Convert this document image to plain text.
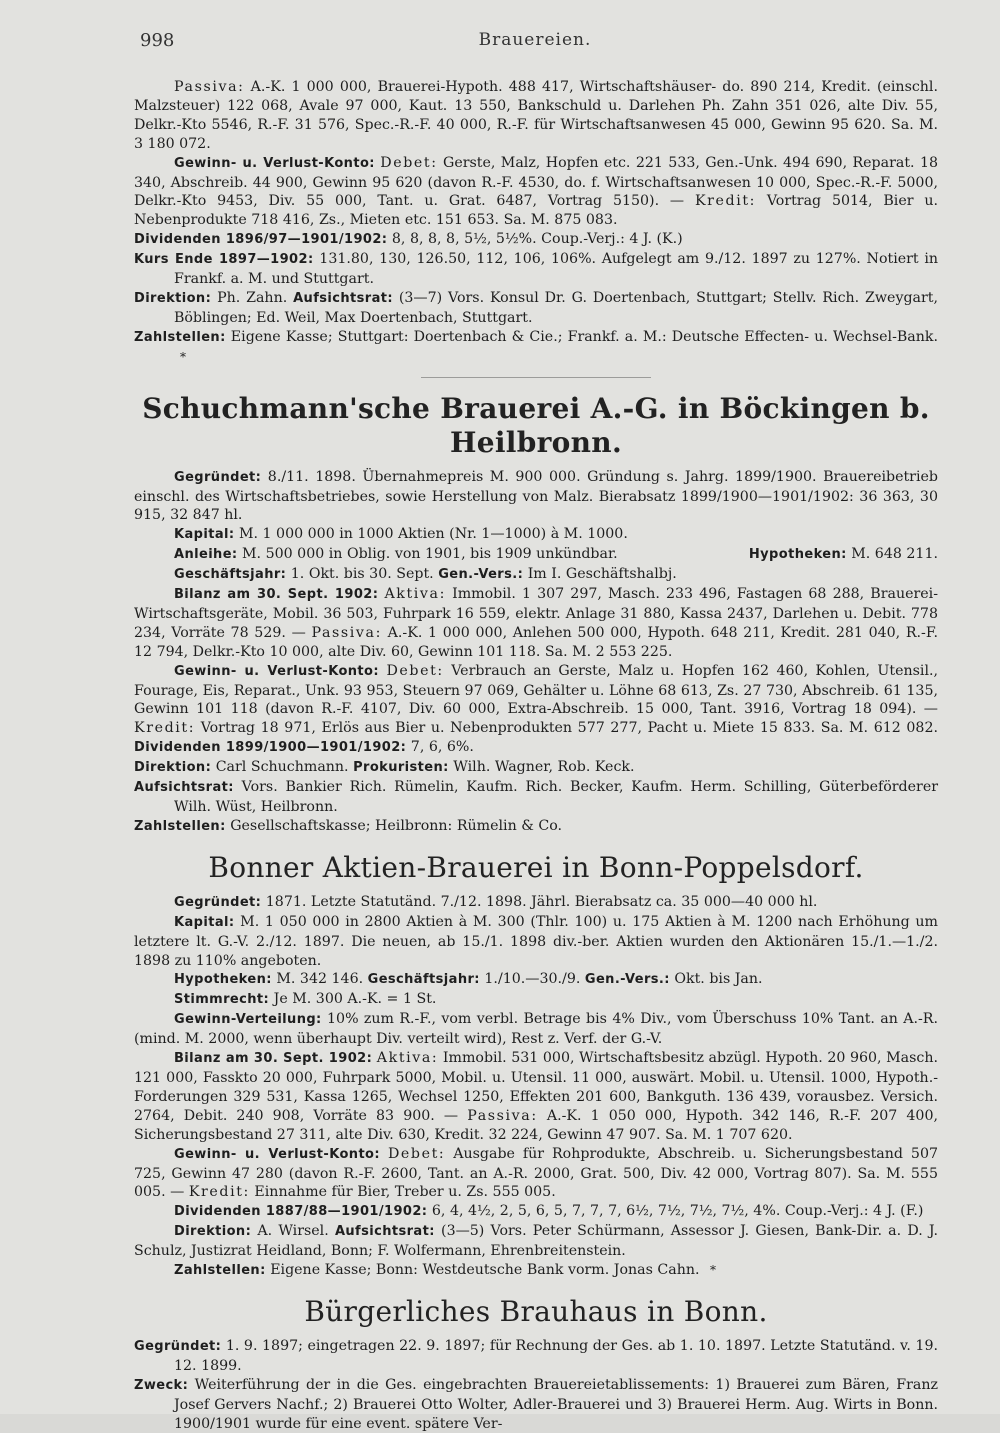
998	Brauereien.

Passiva: A.-K. 1 000 000, Brauerei-Hypoth. 488 417, Wirtschaftshäuser- do. 890 214, Kredit. (einschl. Malzsteuer) 122 068, Avale 97 000, Kaut. 13 550, Bankschuld u. Darlehen Ph. Zahn 351 026, alte Div. 55, Delkr.-Kto 5546, R.-F. 31 576, Spec.-R.-F. 40 000, R.-F. für Wirtschaftsanwesen 45 000, Gewinn 95 620. Sa. M. 3 180 072.

Gewinn- u. Verlust-Konto: Debet: Gerste, Malz, Hopfen etc. 221 533, Gen.-Unk. 494 690, Reparat. 18 340, Abschreib. 44 900, Gewinn 95 620 (davon R.-F. 4530, do. f. Wirtschaftsanwesen 10 000, Spec.-R.-F. 5000, Delkr.-Kto 9453, Div. 55 000, Tant. u. Grat. 6487, Vortrag 5150). — Kredit: Vortrag 5014, Bier u. Nebenprodukte 718 416, Zs., Mieten etc. 151 653. Sa. M. 875 083.

Dividenden 1896/97—1901/1902: 8, 8, 8, 8, 5½, 5½%. Coup.-Verj.: 4 J. (K.)

Kurs Ende 1897—1902: 131.80, 130, 126.50, 112, 106, 106%. Aufgelegt am 9./12. 1897 zu 127%. Notiert in Frankf. a. M. und Stuttgart.

Direktion: Ph. Zahn. Aufsichtsrat: (3—7) Vors. Konsul Dr. G. Doertenbach, Stuttgart; Stellv. Rich. Zweygart, Böblingen; Ed. Weil, Max Doertenbach, Stuttgart.

Zahlstellen: Eigene Kasse; Stuttgart: Doertenbach & Cie.; Frankf. a. M.: Deutsche Effecten- u. Wechsel-Bank. *

Schuchmann'sche Brauerei A.-G. in Böckingen b. Heilbronn.

Gegründet: 8./11. 1898. Übernahmepreis M. 900 000. Gründung s. Jahrg. 1899/1900. Brauereibetrieb einschl. des Wirtschaftsbetriebes, sowie Herstellung von Malz. Bierabsatz 1899/1900—1901/1902: 36 363, 30 915, 32 847 hl.

Kapital: M. 1 000 000 in 1000 Aktien (Nr. 1—1000) à M. 1000.

Anleihe: M. 500 000 in Oblig. von 1901, bis 1909 unkündbar.	Hypotheken: M. 648 211.

Geschäftsjahr: 1. Okt. bis 30. Sept. Gen.-Vers.: Im I. Geschäftshalbj.

Bilanz am 30. Sept. 1902: Aktiva: Immobil. 1 307 297, Masch. 233 496, Fastagen 68 288, Brauerei-Wirtschaftsgeräte, Mobil. 36 503, Fuhrpark 16 559, elektr. Anlage 31 880, Kassa 2437, Darlehen u. Debit. 778 234, Vorräte 78 529. — Passiva: A.-K. 1 000 000, Anlehen 500 000, Hypoth. 648 211, Kredit. 281 040, R.-F. 12 794, Delkr.-Kto 10 000, alte Div. 60, Gewinn 101 118. Sa. M. 2 553 225.

Gewinn- u. Verlust-Konto: Debet: Verbrauch an Gerste, Malz u. Hopfen 162 460, Kohlen, Utensil., Fourage, Eis, Reparat., Unk. 93 953, Steuern 97 069, Gehälter u. Löhne 68 613, Zs. 27 730, Abschreib. 61 135, Gewinn 101 118 (davon R.-F. 4107, Div. 60 000, Extra-Abschreib. 15 000, Tant. 3916, Vortrag 18 094). — Kredit: Vortrag 18 971, Erlös aus Bier u. Nebenprodukten 577 277, Pacht u. Miete 15 833. Sa. M. 612 082. Dividenden 1899/1900—1901/1902: 7, 6, 6%.

Direktion: Carl Schuchmann. Prokuristen: Wilh. Wagner, Rob. Keck.

Aufsichtsrat: Vors. Bankier Rich. Rümelin, Kaufm. Rich. Becker, Kaufm. Herm. Schilling, Güterbeförderer Wilh. Wüst, Heilbronn.

Zahlstellen: Gesellschaftskasse; Heilbronn: Rümelin & Co.

Bonner Aktien-Brauerei in Bonn-Poppelsdorf.

Gegründet: 1871. Letzte Statutänd. 7./12. 1898. Jährl. Bierabsatz ca. 35 000—40 000 hl.

Kapital: M. 1 050 000 in 2800 Aktien à M. 300 (Thlr. 100) u. 175 Aktien à M. 1200 nach Erhöhung um letztere lt. G.-V. 2./12. 1897. Die neuen, ab 15./1. 1898 div.-ber. Aktien wurden den Aktionären 15./1.—1./2. 1898 zu 110% angeboten.

Hypotheken: M. 342 146. Geschäftsjahr: 1./10.—30./9. Gen.-Vers.: Okt. bis Jan.

Stimmrecht: Je M. 300 A.-K. = 1 St.

Gewinn-Verteilung: 10% zum R.-F., vom verbl. Betrage bis 4% Div., vom Überschuss 10% Tant. an A.-R. (mind. M. 2000, wenn überhaupt Div. verteilt wird), Rest z. Verf. der G.-V.

Bilanz am 30. Sept. 1902: Aktiva: Immobil. 531 000, Wirtschaftsbesitz abzügl. Hypoth. 20 960, Masch. 121 000, Fasskto 20 000, Fuhrpark 5000, Mobil. u. Utensil. 11 000, auswärt. Mobil. u. Utensil. 1000, Hypoth.-Forderungen 329 531, Kassa 1265, Wechsel 1250, Effekten 201 600, Bankguth. 136 439, vorausbez. Versich. 2764, Debit. 240 908, Vorräte 83 900. — Passiva: A.-K. 1 050 000, Hypoth. 342 146, R.-F. 207 400, Sicherungsbestand 27 311, alte Div. 630, Kredit. 32 224, Gewinn 47 907. Sa. M. 1 707 620.

Gewinn- u. Verlust-Konto: Debet: Ausgabe für Rohprodukte, Abschreib. u. Sicherungsbestand 507 725, Gewinn 47 280 (davon R.-F. 2600, Tant. an A.-R. 2000, Grat. 500, Div. 42 000, Vortrag 807). Sa. M. 555 005. — Kredit: Einnahme für Bier, Treber u. Zs. 555 005.

Dividenden 1887/88—1901/1902: 6, 4, 4½, 2, 5, 6, 5, 7, 7, 7, 6½, 7½, 7½, 7½, 4%. Coup.-Verj.: 4 J. (F.)

Direktion: A. Wirsel. Aufsichtsrat: (3—5) Vors. Peter Schürmann, Assessor J. Giesen, Bank-Dir. a. D. J. Schulz, Justizrat Heidland, Bonn; F. Wolfermann, Ehrenbreitenstein.

Zahlstellen: Eigene Kasse; Bonn: Westdeutsche Bank vorm. Jonas Cahn. *

Bürgerliches Brauhaus in Bonn.

Gegründet: 1. 9. 1897; eingetragen 22. 9. 1897; für Rechnung der Ges. ab 1. 10. 1897. Letzte Statutänd. v. 19. 12. 1899.

Zweck: Weiterführung der in die Ges. eingebrachten Brauereietablissements: 1) Brauerei zum Bären, Franz Josef Gervers Nachf.; 2) Brauerei Otto Wolter, Adler-Brauerei und 3) Brauerei Herm. Aug. Wirts in Bonn. 1900/1901 wurde für eine event. spätere Ver-
